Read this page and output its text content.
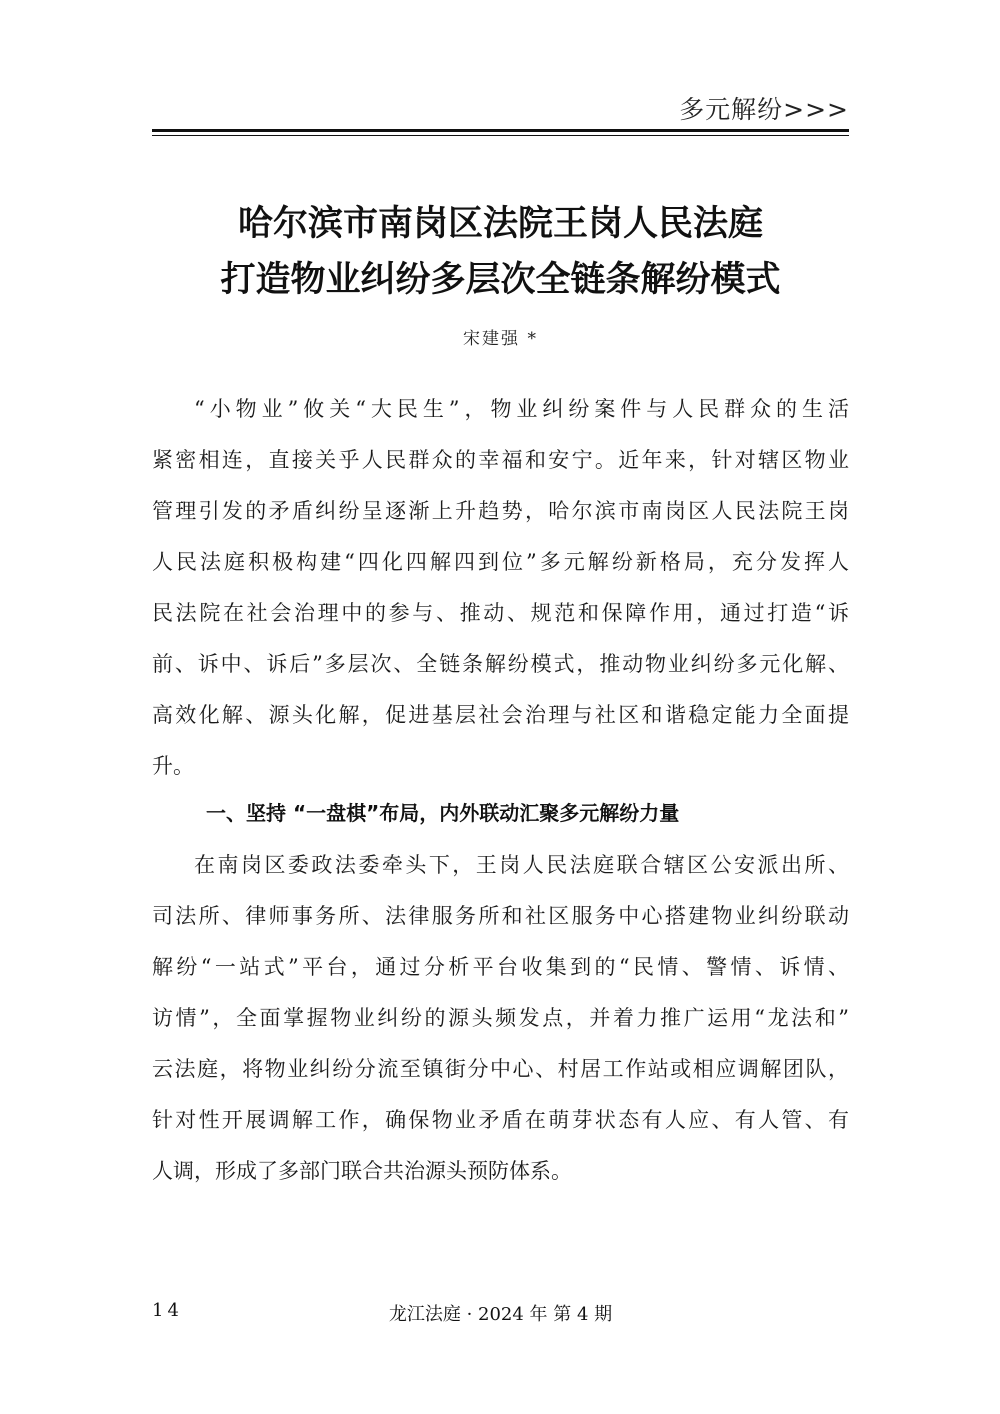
多元解纷>>>
哈尔滨市南岗区法院王岗人民法庭
打造物业纠纷多层次全链条解纷模式
宋建强 *
“小物业”攸关“大民生”，物业纠纷案件与人民群众的生活
紧密相连，直接关乎人民群众的幸福和安宁。近年来，针对辖区物业
管理引发的矛盾纠纷呈逐渐上升趋势，哈尔滨市南岗区人民法院王岗
人民法庭积极构建“四化四解四到位”多元解纷新格局，充分发挥人
民法院在社会治理中的参与、推动、规范和保障作用，通过打造“诉
前、诉中、诉后”多层次、全链条解纷模式，推动物业纠纷多元化解、
高效化解、源头化解，促进基层社会治理与社区和谐稳定能力全面提
升。
一、坚持 “一盘棋”布局，内外联动汇聚多元解纷力量
在南岗区委政法委牵头下，王岗人民法庭联合辖区公安派出所、
司法所、律师事务所、法律服务所和社区服务中心搭建物业纠纷联动
解纷“一站式”平台，通过分析平台收集到的“民情、警情、诉情、
访情”，全面掌握物业纠纷的源头频发点，并着力推广运用“龙法和”
云法庭，将物业纠纷分流至镇街分中心、村居工作站或相应调解团队，
针对性开展调解工作，确保物业矛盾在萌芽状态有人应、有人管、有
人调，形成了多部门联合共治源头预防体系。
14	龙江法庭 · 2024 年 第 4 期
